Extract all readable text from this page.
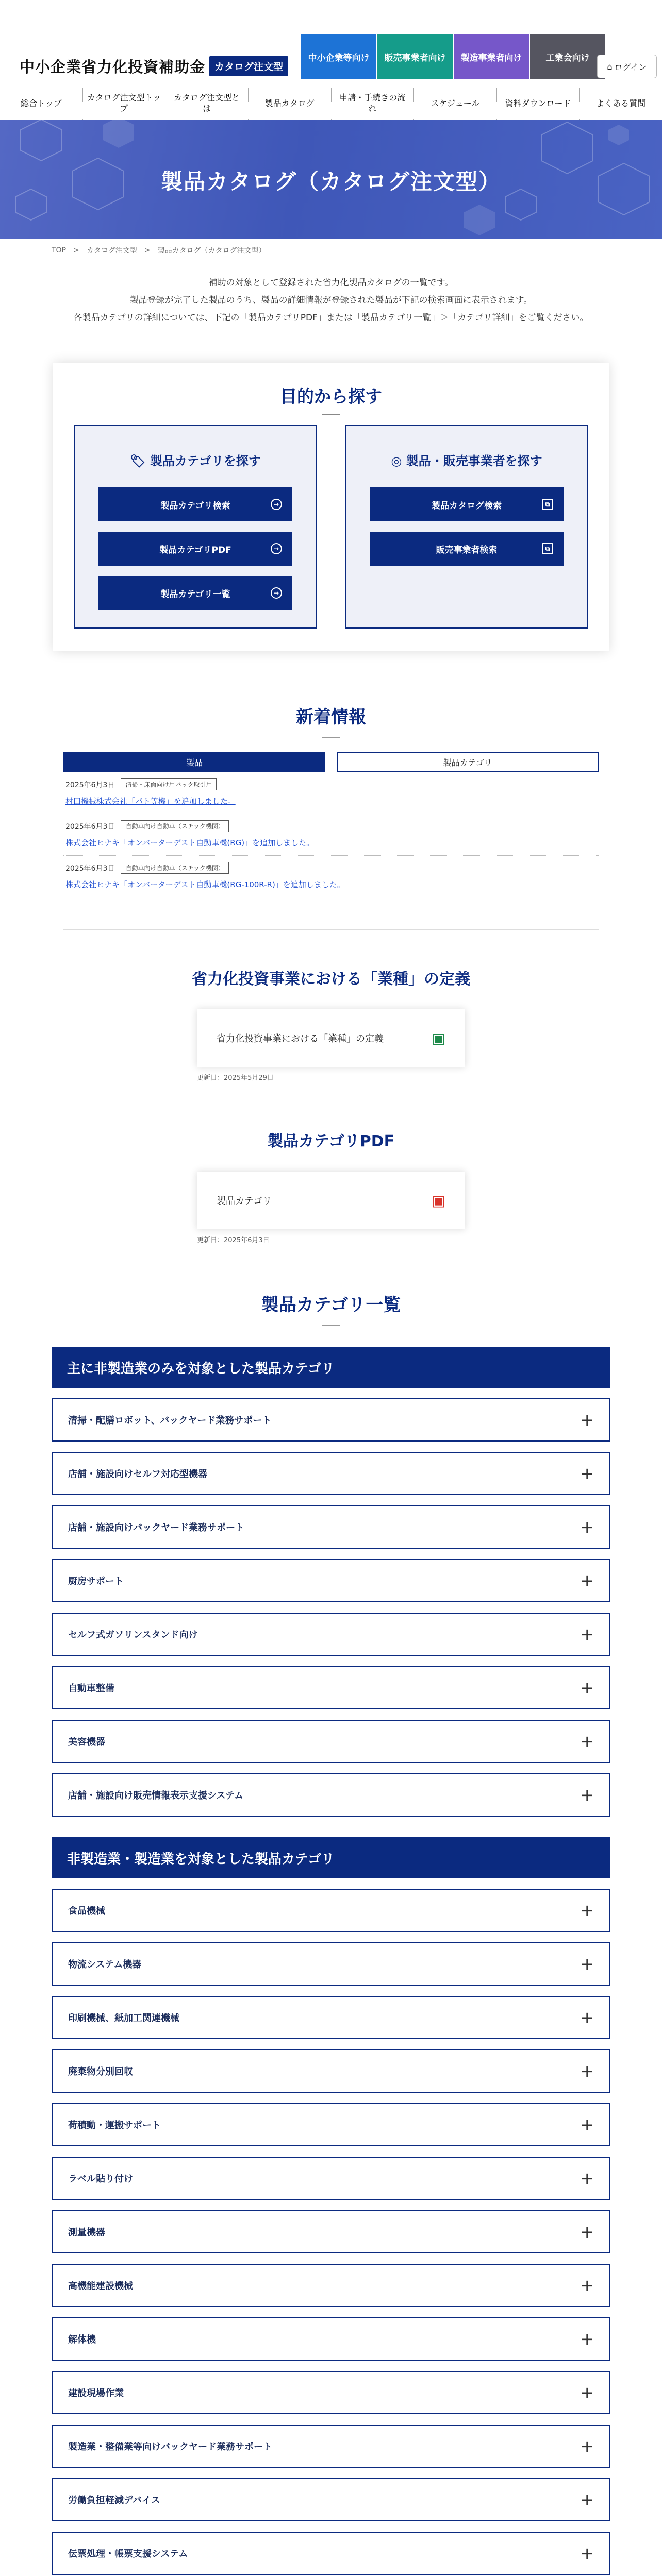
中小企業省力化投資補助金 カタログ注文型
中小企業等向け	販売事業者向け	製造事業者向け	工業会向け
⌂ ログイン
総合トップ
カタログ注文型トップ
カタログ注文型とは
製品カタログ
申請・手続きの流れ
スケジュール	資料ダウンロード	よくある質問
製品カタログ（カタログ注文型）
TOP > カタログ注文型 > 製品カタログ（カタログ注文型）

補助の対象として登録された省力化製品カタログの一覧です。

製品登録が完了した製品のうち、製品の詳細情報が登録された製品が下記の検索画面に表示されます。

各製品カテゴリの詳細については、下記の「製品カテゴリPDF」または「製品カテゴリ一覧」＞「カテゴリ詳細」をご覧ください。

目的から探す
🏷 製品カテゴリを探す
製品カテゴリ検索	→
製品カテゴリPDF	→
製品カテゴリ一覧	→
◎ 製品・販売事業者を探す
製品カタログ検索	⧉
販売事業者検索	⧉
新着情報
製品	製品カテゴリ
2025年6月3日	清掃・床面向け用バック取引用
村田機械株式会社「パト等機」を追加しました。
2025年6月3日	自動車向け自動車（スチック機関）
株式会社ヒナキ「オンバーターデスト自動車機(RG)」を追加しました。
2025年6月3日	自動車向け自動車（スチック機関）
株式会社ヒナキ「オンバーターデスト自動車機(RG-100R-R)」を追加しました。
省力化投資事業における「業種」の定義
省力化投資事業における「業種」の定義	▣
更新日：2025年5月29日
製品カテゴリPDF
製品カテゴリ	▣
更新日：2025年6月3日
製品カテゴリ一覧
主に非製造業のみを対象とした製品カテゴリ
清掃・配膳ロボット、バックヤード業務サポート	+
店舗・施設向けセルフ対応型機器	+
店舗・施設向けバックヤード業務サポート	+
厨房サポート	+
セルフ式ガソリンスタンド向け	+
自動車整備	+
美容機器	+
店舗・施設向け販売情報表示支援システム	+
非製造業・製造業を対象とした製品カテゴリ
食品機械	+
物流システム機器	+
印刷機械、紙加工関連機械	+
廃棄物分別回収	+
荷積動・運搬サポート	+
ラベル貼り付け	+
測量機器	+
高機能建設機械	+
解体機	+
建設現場作業	+
製造業・整備業等向けバックヤード業務サポート	+
労働負担軽減デバイス	+
伝票処理・帳票支援システム	+
